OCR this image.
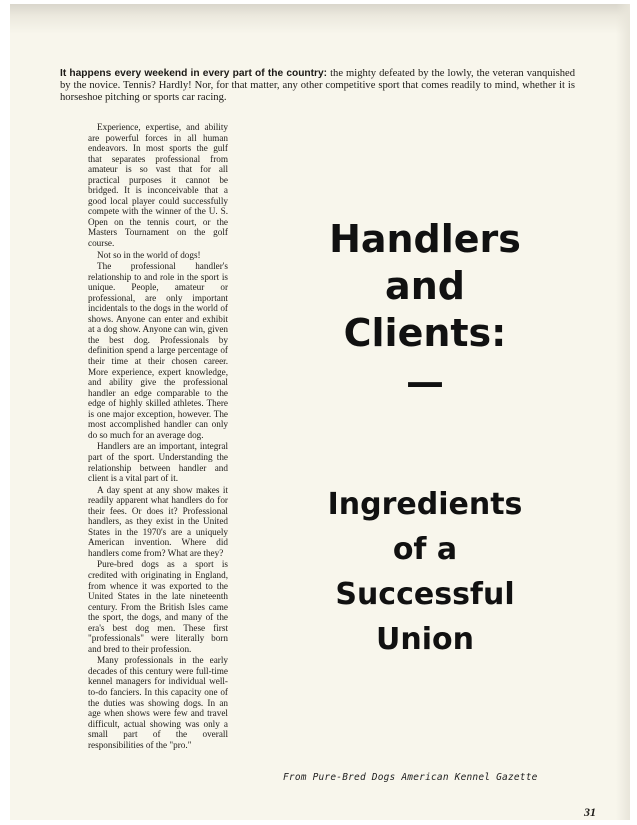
It happens every weekend in every part of the country: the mighty defeated by the lowly, the veteran vanquished by the novice. Tennis? Hardly! Nor, for that matter, any other competitive sport that comes readily to mind, whether it is horseshoe pitching or sports car racing.

Experience, expertise, and ability are powerful forces in all human endeavors. In most sports the gulf that separates professional from amateur is so vast that for all practical purposes it cannot be bridged. It is inconceivable that a good local player could successfully compete with the winner of the U. S. Open on the tennis court, or the Masters Tournament on the golf course.

Not so in the world of dogs!

The professional handler's relationship to and role in the sport is unique. People, amateur or professional, are only important incidentals to the dogs in the world of shows. Anyone can enter and exhibit at a dog show. Anyone can win, given the best dog. Professionals by definition spend a large percentage of their time at their chosen career. More experience, expert knowledge, and ability give the professional handler an edge comparable to the edge of highly skilled athletes. There is one major exception, however. The most accomplished handler can only do so much for an average dog.

Handlers are an important, integral part of the sport. Understanding the relationship between handler and client is a vital part of it.

A day spent at any show makes it readily apparent what handlers do for their fees. Or does it? Professional handlers, as they exist in the United States in the 1970's are a uniquely American invention. Where did handlers come from? What are they?

Pure-bred dogs as a sport is credited with originating in England, from whence it was exported to the United States in the late nineteenth century. From the British Isles came the sport, the dogs, and many of the era's best dog men. These first "professionals" were literally born and bred to their profession.

Many professionals in the early decades of this century were full-time kennel managers for individual well-to-do fanciers. In this capacity one of the duties was showing dogs. In an age when shows were few and travel difficult, actual showing was only a small part of the overall responsibilities of the "pro."

Handlers
and
Clients:
—
Ingredients
of a
Successful
Union
From Pure-Bred Dogs American Kennel Gazette
31
